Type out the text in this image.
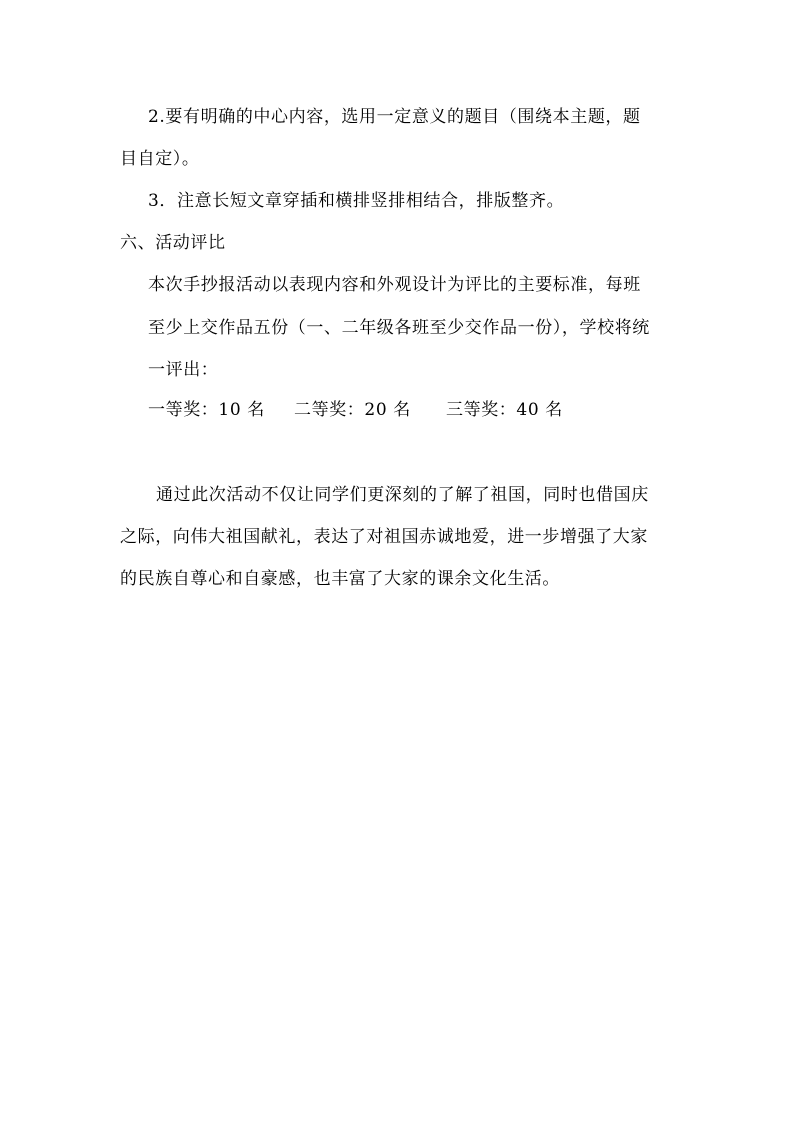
2.要有明确的中心内容，选用一定意义的题目（围绕本主题，题
目自定）。
3．注意长短文章穿插和横排竖排相结合，排版整齐。
六、活动评比
本次手抄报活动以表现内容和外观设计为评比的主要标准，每班
至少上交作品五份（一、二年级各班至少交作品一份），学校将统
一评出：
一等奖：10 名 二等奖：20 名 三等奖：40 名
通过此次活动不仅让同学们更深刻的了解了祖国，同时也借国庆
之际，向伟大祖国献礼，表达了对祖国赤诚地爱，进一步增强了大家
的民族自尊心和自豪感，也丰富了大家的课余文化生活。
